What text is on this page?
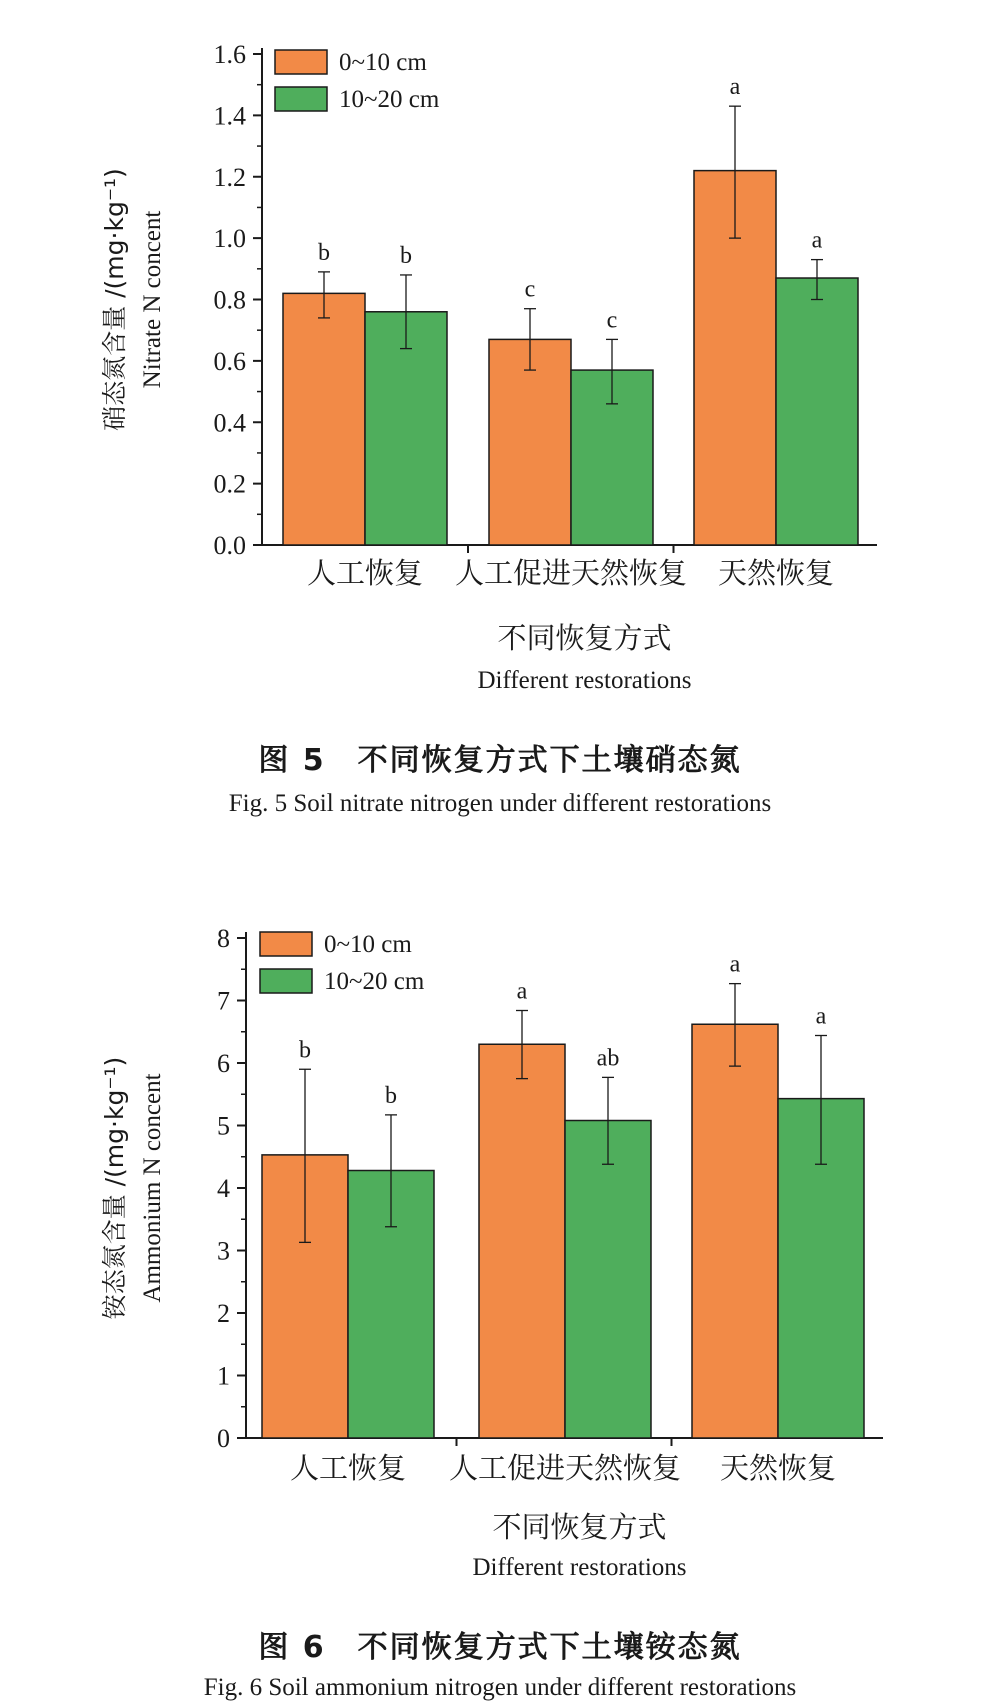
0.0
0.2
0.4
0.6
0.8
1.0
1.2
1.4
1.6
b
c
a
b
c
a
人工恢复 人工促进天然恢复 天然恢复
不同恢复方式
Different restorations
硝态氮含量 /(mg·kg⁻¹) Nitrate N concent
0~10 cm
10~20 cm
图 5　不同恢复方式下土壤硝态氮
Fig. 5 Soil nitrate nitrogen under different restorations
0
1
2
3
4
5
6
7
8
b
a
a
b
ab
a
人工恢复 人工促进天然恢复 天然恢复
不同恢复方式
Different restorations
铵态氮含量 /(mg·kg⁻¹) Ammonium N concent
0~10 cm
10~20 cm
图 6　不同恢复方式下土壤铵态氮
Fig. 6 Soil ammonium nitrogen under different restorations
